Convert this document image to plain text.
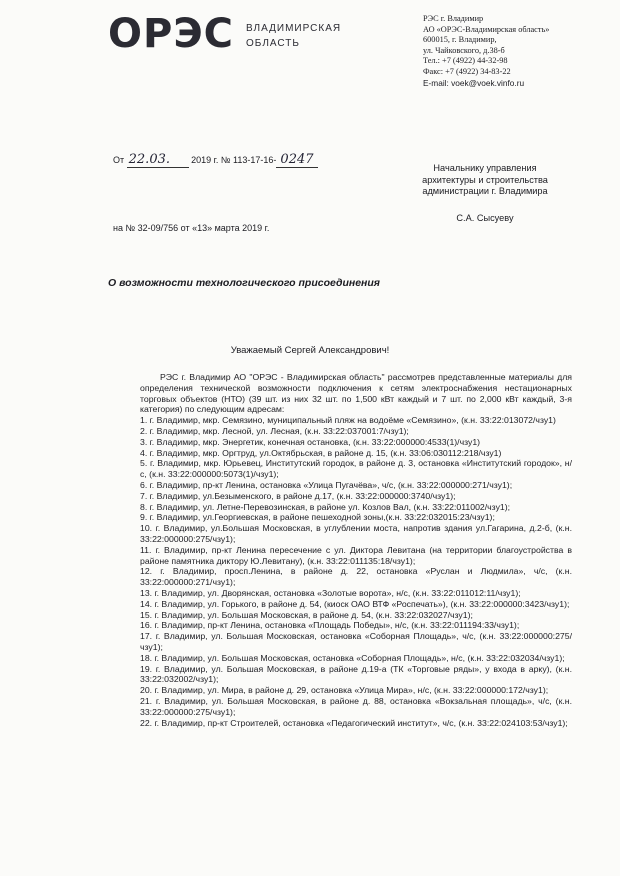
ОРЭС ВЛАДИМИРСКАЯ
ОБЛАСТЬ
РЭС г. Владимир
АО «ОРЭС-Владимирская область»
600015, г. Владимир,
ул. Чайковского, д.38-б
Тел.: +7 (4922) 44-32-98
Факс: +7 (4922) 34-83-22
E-mail: voek@voek.vinfo.ru
От 22.03. 2019 г. № 113-17-16- 0247
на № 32-09/756 от «13» марта 2019 г.
Начальнику управления
архитектуры и строительства
администрации г. Владимира
С.А. Сысуеву
О возможности технологического присоединения
Уважаемый Сергей Александрович!

РЭС г. Владимир АО "ОРЭС - Владимирская область" рассмотрев представленные материалы для определения технической возможности подключения к сетям электроснабжения нестационарных торговых объектов (НТО) (39 шт. из них 32 шт. по 1,500 кВт каждый и 7 шт. по 2,000 кВт каждый, 3-я категория) по следующим адресам:

1. г. Владимир, мкр. Семязино, муниципальный пляж на водоёме «Семязино», (к.н. 33:22:013072/чзу1)

2. г. Владимир, мкр. Лесной, ул. Лесная, (к.н. 33:22:037001:7/чзу1);

3. г. Владимир, мкр. Энергетик, конечная остановка, (к.н. 33:22:000000:4533(1)/чзу1)

4. г. Владимир, мкр. Оргтруд, ул.Октябрьская, в районе д. 15, (к.н. 33:06:030112:218/чзу1)

5. г. Владимир, мкр. Юрьевец, Институтский городок, в районе д. 3, остановка «Институтский городок», н/с, (к.н. 33:22:000000:5073(1)/чзу1);

6. г. Владимир, пр-кт Ленина, остановка «Улица Пугачёва», ч/с, (к.н. 33:22:000000:271/чзу1);

7. г. Владимир, ул.Безыменского, в районе д.17, (к.н. 33:22:000000:3740/чзу1);

8. г. Владимир, ул. Летне-Перевозинская, в районе ул. Козлов Вал, (к.н. 33:22:011002/чзу1);

9. г. Владимир, ул.Георгиевская, в районе пешеходной зоны,(к.н. 33:22:032015:23/чзу1);

10. г. Владимир, ул.Большая Московская, в углублении моста, напротив здания ул.Гагарина, д.2-б, (к.н. 33:22:000000:275/чзу1);

11. г. Владимир, пр-кт Ленина пересечение с ул. Диктора Левитана (на территории благоустройства в районе памятника диктору Ю.Левитану), (к.н. 33:22:011135:18/чзу1);

12. г. Владимир, просп.Ленина, в районе д. 22, остановка «Руслан и Людмила», ч/с, (к.н. 33:22:000000:271/чзу1);

13. г. Владимир, ул. Дворянская, остановка «Золотые ворота», н/с, (к.н. 33:22:011012:11/чзу1);

14. г. Владимир, ул. Горького, в районе д. 54, (киоск ОАО ВТФ «Роспечать»), (к.н. 33:22:000000:3423/чзу1);

15. г. Владимир, ул. Большая Московская, в районе д. 54, (к.н. 33:22:032027/чзу1);

16. г. Владимир, пр-кт Ленина, остановка «Площадь Победы», н/с, (к.н. 33:22:011194:33/чзу1);

17. г. Владимир, ул. Большая Московская, остановка «Соборная Площадь», ч/с, (к.н. 33:22:000000:275/чзу1);

18. г. Владимир, ул. Большая Московская, остановка «Соборная Площадь», н/с, (к.н. 33:22:032034/чзу1);

19. г. Владимир, ул. Большая Московская, в районе д.19-а (ТК «Торговые ряды», у входа в арку), (к.н. 33:22:032002/чзу1);

20. г. Владимир, ул. Мира, в районе д. 29, остановка «Улица Мира», н/с, (к.н. 33:22:000000:172/чзу1);

21. г. Владимир, ул. Большая Московская, в районе д. 88, остановка «Вокзальная площадь», ч/с, (к.н. 33:22:000000:275/чзу1);

22. г. Владимир, пр-кт Строителей, остановка «Педагогический институт», ч/с, (к.н. 33:22:024103:53/чзу1);
